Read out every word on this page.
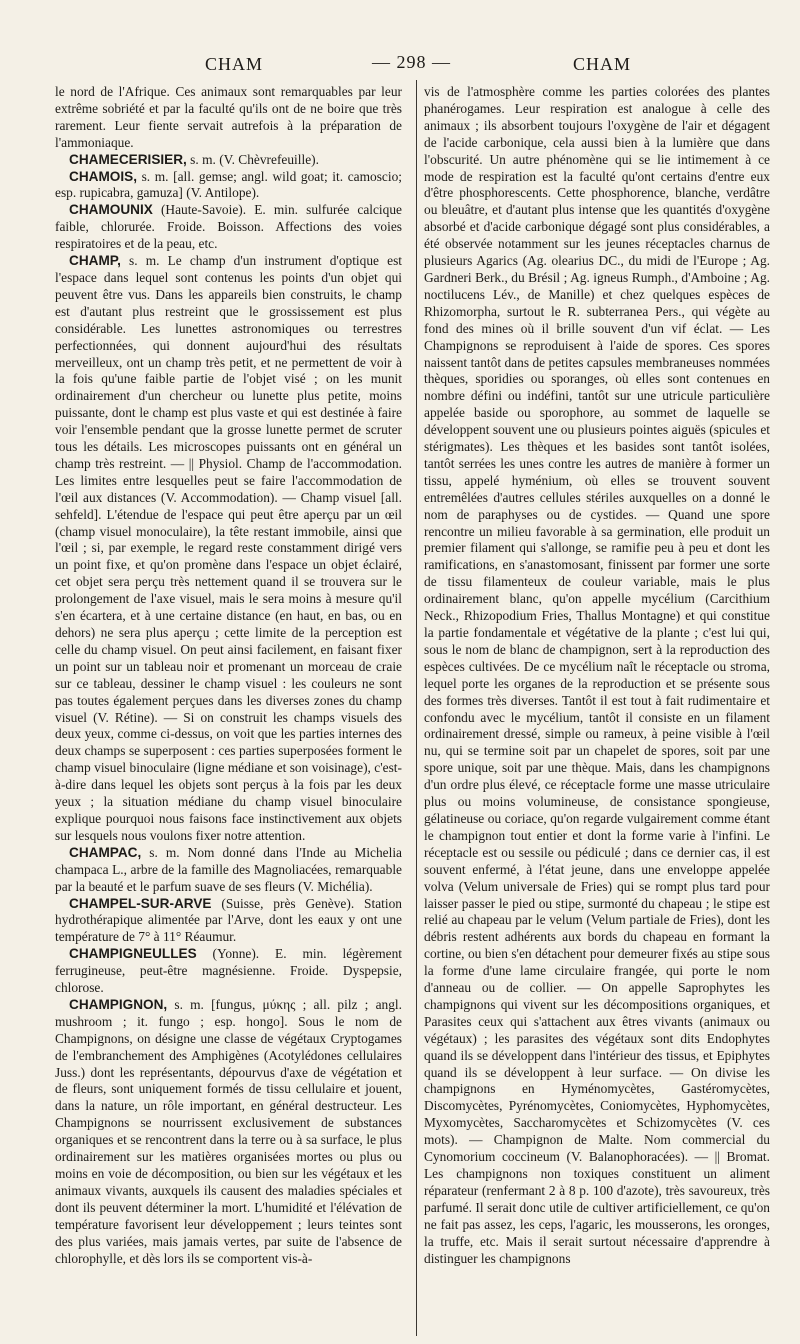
CHAM	— 298 —	CHAM

le nord de l'Afrique. Ces animaux sont remarquables par leur extrême sobriété et par la faculté qu'ils ont de ne boire que très rarement. Leur fiente servait autrefois à la préparation de l'ammoniaque.

CHAMECERISIER, s. m. (V. Chèvrefeuille).

CHAMOIS, s. m. [all. gemse; angl. wild goat; it. camoscio; esp. rupicabra, gamuza] (V. Antilope).

CHAMOUNIX (Haute-Savoie). E. min. sulfurée calcique faible, chlorurée. Froide. Boisson. Affections des voies respiratoires et de la peau, etc.

CHAMP, s. m. Le champ d'un instrument d'optique est l'espace dans lequel sont contenus les points d'un objet qui peuvent être vus. Dans les appareils bien construits, le champ est d'autant plus restreint que le grossissement est plus considérable. Les lunettes astronomiques ou terrestres perfectionnées, qui donnent aujourd'hui des résultats merveilleux, ont un champ très petit, et ne permettent de voir à la fois qu'une faible partie de l'objet visé ; on les munit ordinairement d'un chercheur ou lunette plus petite, moins puissante, dont le champ est plus vaste et qui est destinée à faire voir l'ensemble pendant que la grosse lunette permet de scruter tous les détails. Les microscopes puissants ont en général un champ très restreint. — || Physiol. Champ de l'accommodation. Les limites entre lesquelles peut se faire l'accommodation de l'œil aux distances (V. Accommodation). — Champ visuel [all. sehfeld]. L'étendue de l'espace qui peut être aperçu par un œil (champ visuel monoculaire), la tête restant immobile, ainsi que l'œil ; si, par exemple, le regard reste constamment dirigé vers un point fixe, et qu'on promène dans l'espace un objet éclairé, cet objet sera perçu très nettement quand il se trouvera sur le prolongement de l'axe visuel, mais le sera moins à mesure qu'il s'en écartera, et à une certaine distance (en haut, en bas, ou en dehors) ne sera plus aperçu ; cette limite de la perception est celle du champ visuel. On peut ainsi facilement, en faisant fixer un point sur un tableau noir et promenant un morceau de craie sur ce tableau, dessiner le champ visuel : les couleurs ne sont pas toutes également perçues dans les diverses zones du champ visuel (V. Rétine). — Si on construit les champs visuels des deux yeux, comme ci-dessus, on voit que les parties internes des deux champs se superposent : ces parties superposées forment le champ visuel binoculaire (ligne médiane et son voisinage), c'est-à-dire dans lequel les objets sont perçus à la fois par les deux yeux ; la situation médiane du champ visuel binoculaire explique pourquoi nous faisons face instinctivement aux objets sur lesquels nous voulons fixer notre attention.

CHAMPAC, s. m. Nom donné dans l'Inde au Michelia champaca L., arbre de la famille des Magnoliacées, remarquable par la beauté et le parfum suave de ses fleurs (V. Michélia).

CHAMPEL-SUR-ARVE (Suisse, près Genève). Station hydrothérapique alimentée par l'Arve, dont les eaux y ont une température de 7° à 11° Réaumur.

CHAMPIGNEULLES (Yonne). E. min. légèrement ferrugineuse, peut-être magnésienne. Froide. Dyspepsie, chlorose.

CHAMPIGNON, s. m. [fungus, μύκης ; all. pilz ; angl. mushroom ; it. fungo ; esp. hongo]. Sous le nom de Champignons, on désigne une classe de végétaux Cryptogames de l'embranchement des Amphigènes (Acotylédones cellulaires Juss.) dont les représentants, dépourvus d'axe de végétation et de fleurs, sont uniquement formés de tissu cellulaire et jouent, dans la nature, un rôle important, en général destructeur. Les Champignons se nourrissent exclusivement de substances organiques et se rencontrent dans la terre ou à sa surface, le plus ordinairement sur les matières organisées mortes ou plus ou moins en voie de décomposition, ou bien sur les végétaux et les animaux vivants, auxquels ils causent des maladies spéciales et dont ils peuvent déterminer la mort. L'humidité et l'élévation de température favorisent leur développement ; leurs teintes sont des plus variées, mais jamais vertes, par suite de l'absence de chlorophylle, et dès lors ils se comportent vis-à-

vis de l'atmosphère comme les parties colorées des plantes phanérogames. Leur respiration est analogue à celle des animaux ; ils absorbent toujours l'oxygène de l'air et dégagent de l'acide carbonique, cela aussi bien à la lumière que dans l'obscurité. Un autre phénomène qui se lie intimement à ce mode de respiration est la faculté qu'ont certains d'entre eux d'être phosphorescents. Cette phosphorence, blanche, verdâtre ou bleuâtre, et d'autant plus intense que les quantités d'oxygène absorbé et d'acide carbonique dégagé sont plus considérables, a été observée notamment sur les jeunes réceptacles charnus de plusieurs Agarics (Ag. olearius DC., du midi de l'Europe ; Ag. Gardneri Berk., du Brésil ; Ag. igneus Rumph., d'Amboine ; Ag. noctilucens Lév., de Manille) et chez quelques espèces de Rhizomorpha, surtout le R. subterranea Pers., qui végète au fond des mines où il brille souvent d'un vif éclat. — Les Champignons se reproduisent à l'aide de spores. Ces spores naissent tantôt dans de petites capsules membraneuses nommées thèques, sporidies ou sporanges, où elles sont contenues en nombre défini ou indéfini, tantôt sur une utricule particulière appelée baside ou sporophore, au sommet de laquelle se développent souvent une ou plusieurs pointes aiguës (spicules et stérigmates). Les thèques et les basides sont tantôt isolées, tantôt serrées les unes contre les autres de manière à former un tissu, appelé hyménium, où elles se trouvent souvent entremêlées d'autres cellules stériles auxquelles on a donné le nom de paraphyses ou de cystides. — Quand une spore rencontre un milieu favorable à sa germination, elle produit un premier filament qui s'allonge, se ramifie peu à peu et dont les ramifications, en s'anastomosant, finissent par former une sorte de tissu filamenteux de couleur variable, mais le plus ordinairement blanc, qu'on appelle mycélium (Carcithium Neck., Rhizopodium Fries, Thallus Montagne) et qui constitue la partie fondamentale et végétative de la plante ; c'est lui qui, sous le nom de blanc de champignon, sert à la reproduction des espèces cultivées. De ce mycélium naît le réceptacle ou stroma, lequel porte les organes de la reproduction et se présente sous des formes très diverses. Tantôt il est tout à fait rudimentaire et confondu avec le mycélium, tantôt il consiste en un filament ordinairement dressé, simple ou rameux, à peine visible à l'œil nu, qui se termine soit par un chapelet de spores, soit par une spore unique, soit par une thèque. Mais, dans les champignons d'un ordre plus élevé, ce réceptacle forme une masse utriculaire plus ou moins volumineuse, de consistance spongieuse, gélatineuse ou coriace, qu'on regarde vulgairement comme étant le champignon tout entier et dont la forme varie à l'infini. Le réceptacle est ou sessile ou pédiculé ; dans ce dernier cas, il est souvent enfermé, à l'état jeune, dans une enveloppe appelée volva (Velum universale de Fries) qui se rompt plus tard pour laisser passer le pied ou stipe, surmonté du chapeau ; le stipe est relié au chapeau par le velum (Velum partiale de Fries), dont les débris restent adhérents aux bords du chapeau en formant la cortine, ou bien s'en détachent pour demeurer fixés au stipe sous la forme d'une lame circulaire frangée, qui porte le nom d'anneau ou de collier. — On appelle Saprophytes les champignons qui vivent sur les décompositions organiques, et Parasites ceux qui s'attachent aux êtres vivants (animaux ou végétaux) ; les parasites des végétaux sont dits Endophytes quand ils se développent dans l'intérieur des tissus, et Epiphytes quand ils se développent à leur surface. — On divise les champignons en Hyménomycètes, Gastéromycètes, Discomycètes, Pyrénomycètes, Coniomycètes, Hyphomycètes, Myxomycètes, Saccharomycètes et Schizomycètes (V. ces mots). — Champignon de Malte. Nom commercial du Cynomorium coccineum (V. Balanophoracées). — || Bromat. Les champignons non toxiques constituent un aliment réparateur (renfermant 2 à 8 p. 100 d'azote), très savoureux, très parfumé. Il serait donc utile de cultiver artificiellement, ce qu'on ne fait pas assez, les ceps, l'agaric, les mousserons, les oronges, la truffe, etc. Mais il serait surtout nécessaire d'apprendre à distinguer les champignons
